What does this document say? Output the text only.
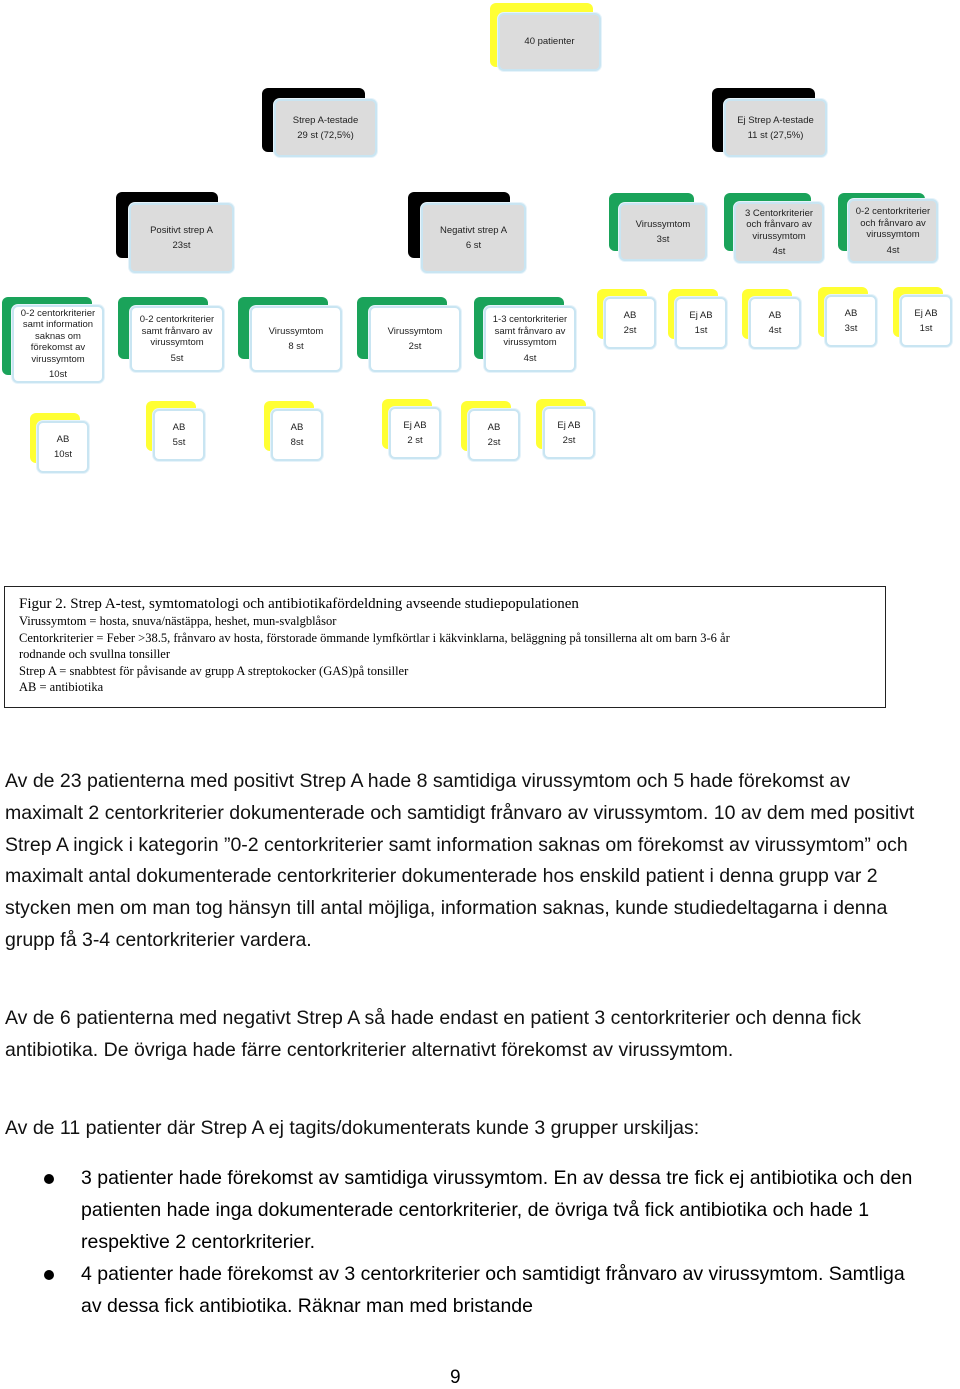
40 patienter
Strep A-testade
29 st (72,5%)
Ej Strep A-testade
11 st (27,5%)
Positivt strep A
23st
Negativt strep A
6 st
Virussymtom
3st
3 Centorkriterier och frånvaro av virussymtom
4st
0-2 centorkriterier och frånvaro av virussymtom
4st
0-2 centorkriterier samt information saknas om förekomst av virussymtom
10st
0-2 centorkriterier samt frånvaro av virussymtom
5st
Virussymtom
8 st
Virussymtom
2st
1-3 centorkriterier samt frånvaro av virussymtom
4st
AB
2st
Ej AB
1st
AB
4st
AB
3st
Ej AB
1st
AB
10st
AB
5st
AB
8st
Ej AB
2 st
AB
2st
Ej AB
2st
Figur 2. Strep A-test, symtomatologi och antibiotikafördeldning avseende studiepopulationen
Virussymtom = hosta, snuva/nästäppa, heshet, mun-svalgblåsor
Centorkriterier = Feber >38.5, frånvaro av hosta, förstorade ömmande lymfkörtlar i käkvinklarna, beläggning på tonsillerna alt om barn 3-6 år
rodnande och svullna tonsiller
Strep A = snabbtest för påvisande av grupp A streptokocker (GAS)på tonsiller
AB = antibiotika
Av de 23 patienterna med positivt Strep A hade 8 samtidiga virussymtom och 5 hade förekomst av maximalt 2 centorkriterier dokumenterade och samtidigt frånvaro av virussymtom. 10 av dem med positivt Strep A ingick i kategorin ”0-2 centorkriterier samt information saknas om förekomst av virussymtom” och maximalt antal dokumenterade centorkriterier dokumenterade hos enskild patient i denna grupp var 2 stycken men om man tog hänsyn till antal möjliga, information saknas, kunde studiedeltagarna i denna grupp få 3-4 centorkriterier vardera.
Av de 6 patienterna med negativt Strep A så hade endast en patient 3 centorkriterier och denna fick antibiotika. De övriga hade färre centorkriterier alternativt förekomst av virussymtom.
Av de 11 patienter där Strep A ej tagits/dokumenterats kunde 3 grupper urskiljas:
3 patienter hade förekomst av samtidiga virussymtom. En av dessa tre fick ej antibiotika och den patienten hade inga dokumenterade centorkriterier, de övriga två fick antibiotika och hade 1 respektive 2 centorkriterier.
4 patienter hade förekomst av 3 centorkriterier och samtidigt frånvaro av virussymtom. Samtliga av dessa fick antibiotika. Räknar man med bristande
9
